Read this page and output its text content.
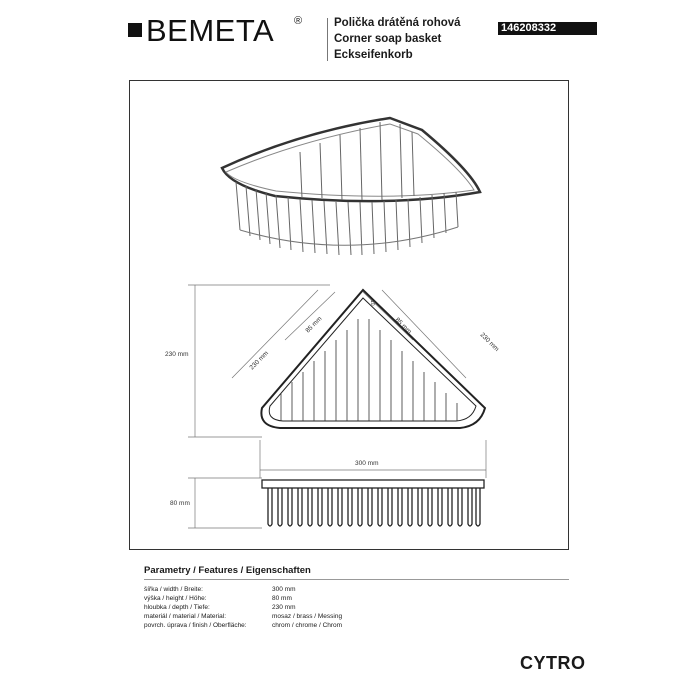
BEMETA ®	Polička drátěná rohová
Corner soap basket
Eckseifenkorb
146208332
230 mm	230 mm
85 mm	85 mm
230 mm
10
300 mm
80 mm
Parametry / Features / Eigenschaften
šířka / width / Breite:	300 mm
výška / height / Höhe:	80 mm
hloubka / depth / Tiefe:	230 mm
materiál / material / Material:	mosaz / brass / Messing
povrch. úprava / finish / Oberfläche:	chrom / chrome / Chrom
CYTRO
